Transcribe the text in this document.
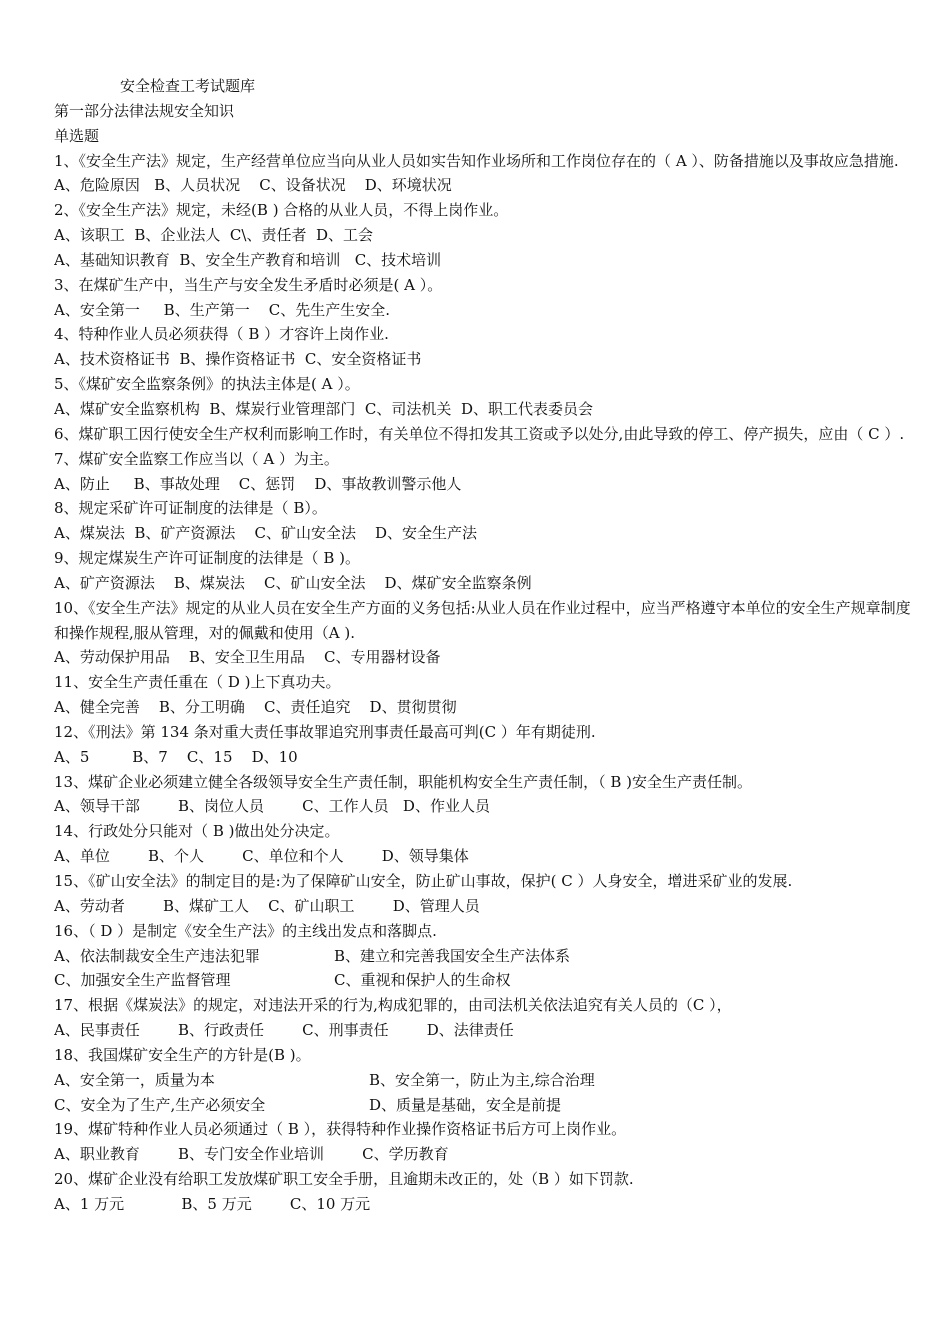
安全检查工考试题库
第一部分法律法规安全知识
单选题
1、《安全生产法》规定，生产经营单位应当向从业人员如实告知作业场所和工作岗位存在的（ A ）、防备措施以及事故应急措施.
A、危险原因   B、人员状况    C、设备状况    D、环境状况
2、《安全生产法》规定，未经(B ) 合格的从业人员，不得上岗作业。
A、该职工  B、企业法人  C\、责任者  D、工会
A、基础知识教育  B、安全生产教育和培训   C、技术培训
3、在煤矿生产中，当生产与安全发生矛盾时必须是( A ）。
A、安全第一     B、生产第一    C、先生产生安全.
4、特种作业人员必须获得（ B ）才容许上岗作业.
A、技术资格证书  B、操作资格证书  C、安全资格证书
5、《煤矿安全监察条例》的执法主体是( A ）。
A、煤矿安全监察机构  B、煤炭行业管理部门  C、司法机关  D、职工代表委员会
6、煤矿职工因行使安全生产权利而影响工作时，有关单位不得扣发其工资或予以处分,由此导致的停工、停产损失，应由（ C ）.
7、煤矿安全监察工作应当以（ A ）为主。
A、防止     B、事故处理    C、惩罚    D、事故教训警示他人
8、规定采矿许可证制度的法律是（ B）。
A、煤炭法  B、矿产资源法    C、矿山安全法    D、安全生产法
9、规定煤炭生产许可证制度的法律是（ B )。
A、矿产资源法    B、煤炭法    C、矿山安全法    D、煤矿安全监察条例
10、《安全生产法》规定的从业人员在安全生产方面的义务包括:从业人员在作业过程中，应当严格遵守本单位的安全生产规章制度和操作规程,服从管理，对的佩戴和使用（A ).
A、劳动保护用品    B、安全卫生用品    C、专用器材设备
11、安全生产责任重在（ D )上下真功夫。
A、健全完善    B、分工明确    C、责任追究    D、贯彻贯彻
12、《刑法》第 134 条对重大责任事故罪追究刑事责任最高可判(C ）年有期徒刑.
A、5         B、7    C、15    D、10
13、煤矿企业必须建立健全各级领导安全生产责任制，职能机构安全生产责任制，（ B )安全生产责任制。
A、领导干部        B、岗位人员        C、工作人员   D、作业人员
14、行政处分只能对（ B )做出处分决定。
A、单位        B、个人        C、单位和个人        D、领导集体
15、《矿山安全法》的制定目的是:为了保障矿山安全，防止矿山事故，保护( C ）人身安全，增进采矿业的发展.
A、劳动者        B、煤矿工人    C、矿山职工        D、管理人员
16、（ D ）是制定《安全生产法》的主线出发点和落脚点.
A、依法制裁安全生产违法犯罪	B、建立和完善我国安全生产法体系
C、加强安全生产监督管理	C、重视和保护人的生命权
17、根据《煤炭法》的规定，对违法开采的行为,构成犯罪的，由司法机关依法追究有关人员的（C ），
A、民事责任        B、行政责任        C、刑事责任        D、法律责任
18、我国煤矿安全生产的方针是(B )。
A、安全第一，质量为本	B、安全第一，防止为主,综合治理
C、安全为了生产,生产必须安全	D、质量是基础，安全是前提
19、煤矿特种作业人员必须通过（ B ），获得特种作业操作资格证书后方可上岗作业。
A、职业教育        B、专门安全作业培训        C、学历教育
20、煤矿企业没有给职工发放煤矿职工安全手册，且逾期未改正的，处（B ）如下罚款.
A、1 万元            B、5 万元        C、10 万元
